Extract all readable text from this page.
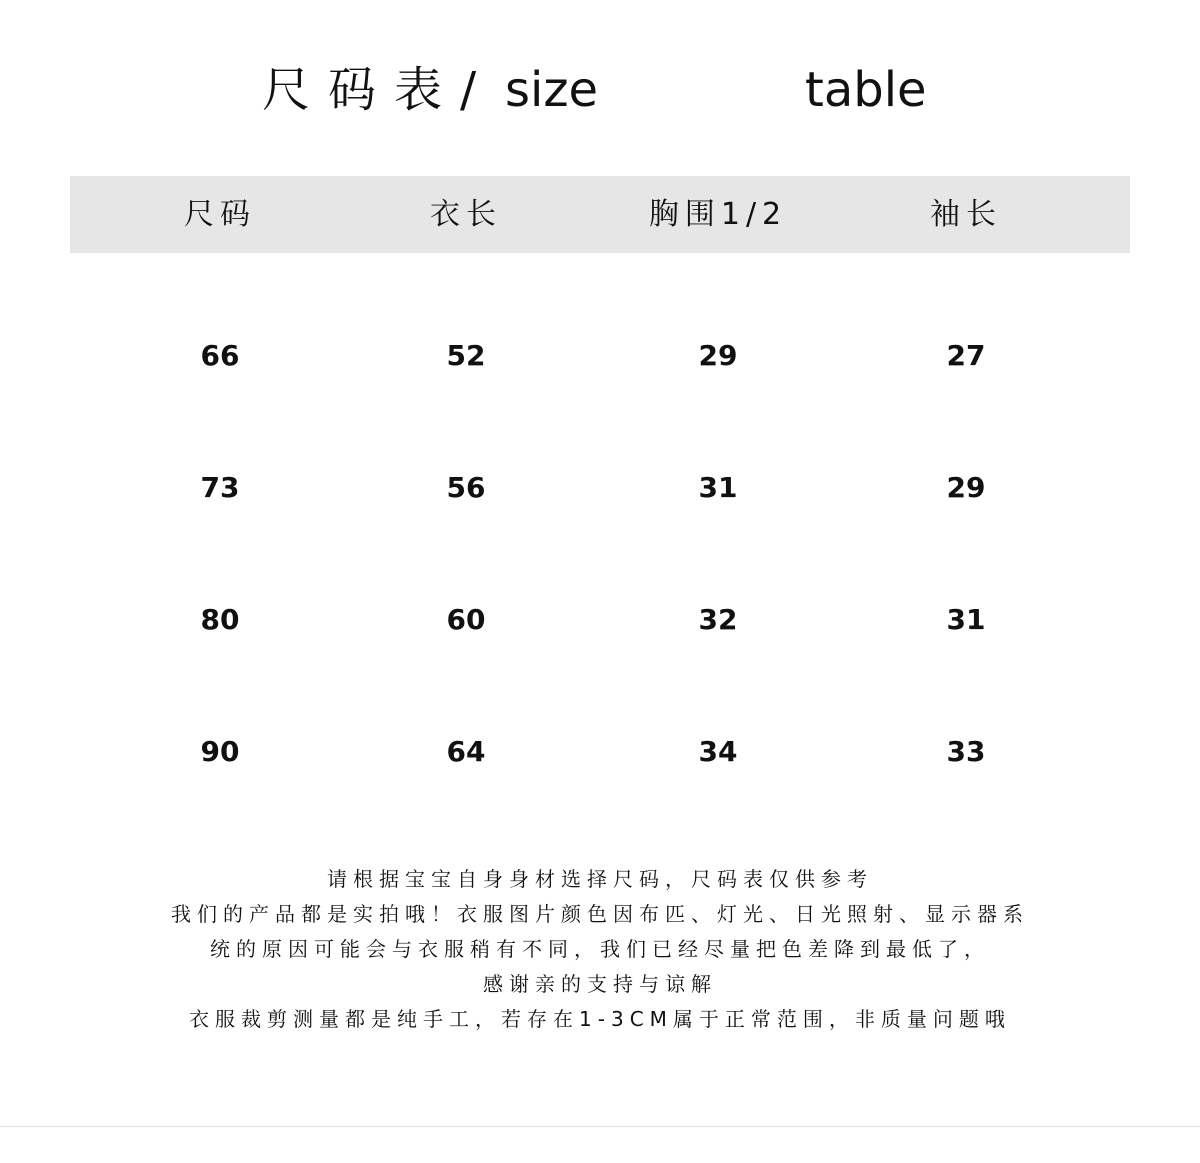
尺码表/ size	table
尺码	衣长	胸围1/2	袖长
66	52	29	27
73	56	31	29
80	60	32	31
90	64	34	33
请根据宝宝自身身材选择尺码，尺码表仅供参考
我们的产品都是实拍哦！衣服图片颜色因布匹、灯光、日光照射、显示器系
统的原因可能会与衣服稍有不同，我们已经尽量把色差降到最低了，
感谢亲的支持与谅解
衣服裁剪测量都是纯手工，若存在1-3CM属于正常范围，非质量问题哦
